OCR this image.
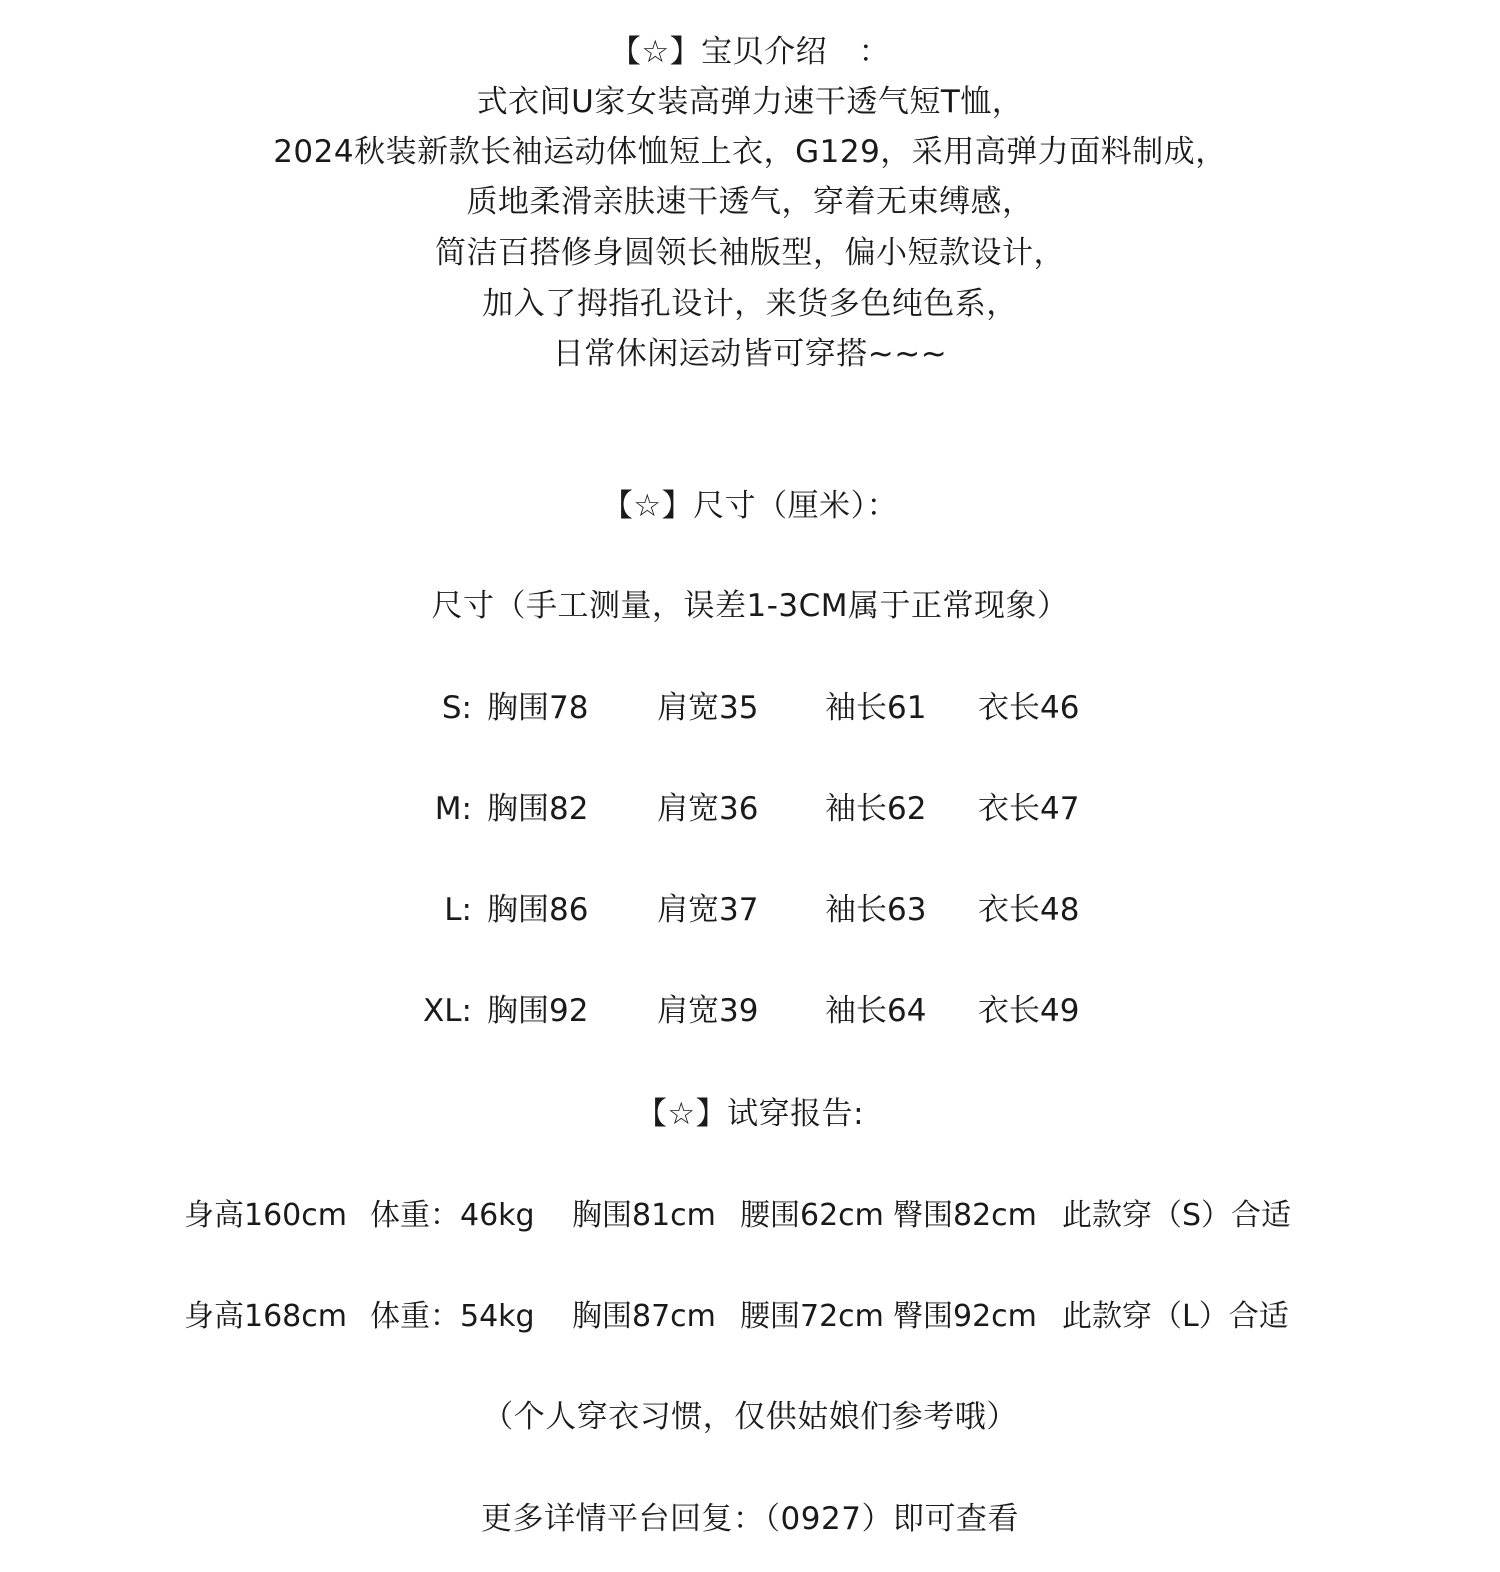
【☆】宝贝介绍　：
式衣间U家女装高弹力速干透气短T恤，
2024秋装新款长袖运动体恤短上衣，G129，采用高弹力面料制成，
质地柔滑亲肤速干透气，穿着无束缚感，
简洁百搭修身圆领长袖版型，偏小短款设计，
加入了拇指孔设计，来货多色纯色系，
日常休闲运动皆可穿搭~~~
【☆】尺寸（厘米）：
尺寸（手工测量，误差1-3CM属于正常现象）
S: 胸围78 肩宽35 袖长61 衣长46
M: 胸围82 肩宽36 袖长62 衣长47
L: 胸围86 肩宽37 袖长63 衣长48
XL: 胸围92 肩宽39 袖长64 衣长49
【☆】试穿报告:
身高160cm 体重：46kg 胸围81cm 腰围62cm 臀围82cm 此款穿（S）合适
身高168cm 体重：54kg 胸围87cm 腰围72cm 臀围92cm 此款穿（L）合适
（个人穿衣习惯，仅供姑娘们参考哦）
更多详情平台回复：（0927）即可查看
